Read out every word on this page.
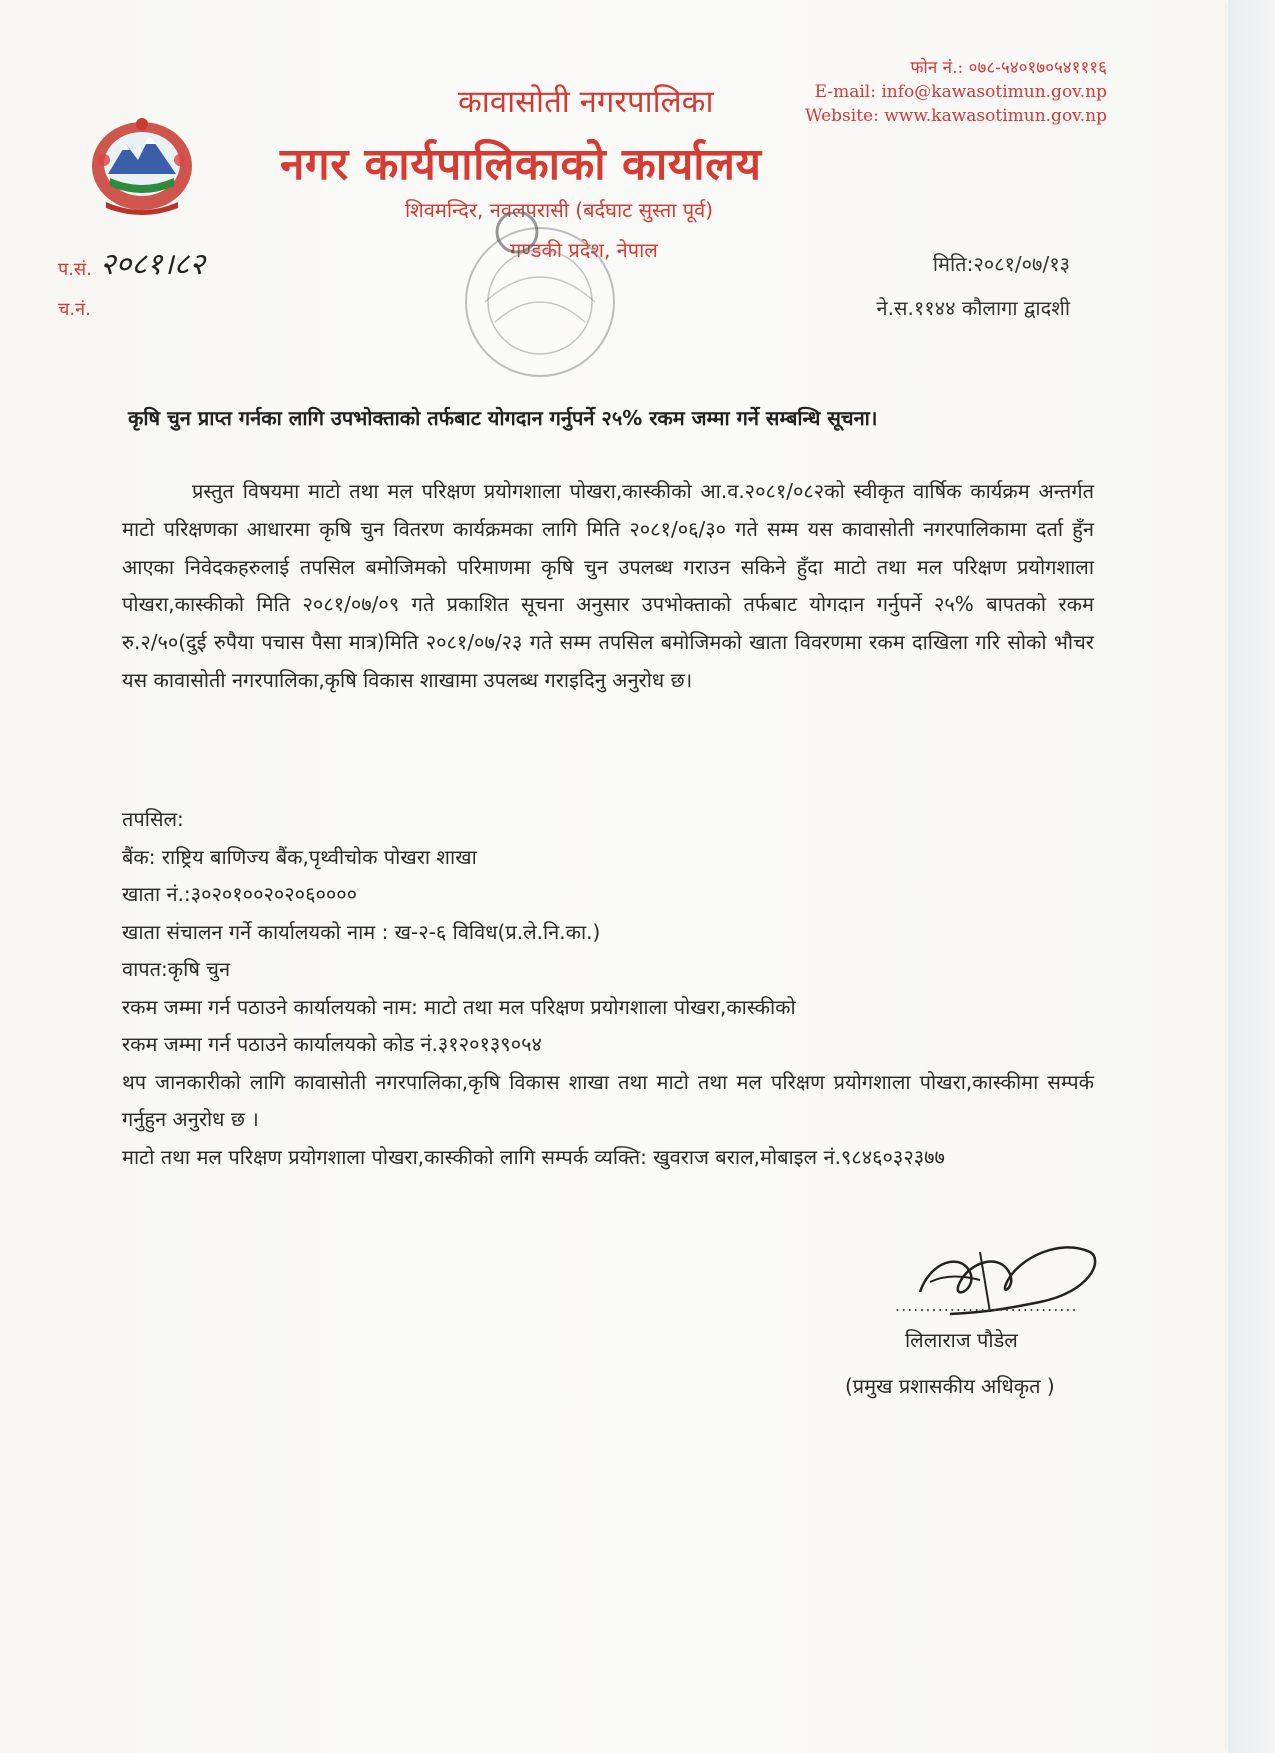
फोन नं.: ०७८-५४०१७०५४१११६
E-mail: info@kawasotimun.gov.np
Website: www.kawasotimun.gov.np
कावासोती नगरपालिका
नगर कार्यपालिकाको कार्यालय
शिवमन्दिर, नवलपरासी (बर्दघाट सुस्ता पूर्व)
गण्डकी प्रदेश, नेपाल
प.सं.
च.नं.
२०८१।८२	मिति:२०८१/०७/१३
ने.स.११४४ कौलागा द्वादशी
कृषि चुन प्राप्त गर्नका लागि उपभोक्ताको तर्फबाट योगदान गर्नुपर्ने २५% रकम जम्मा गर्ने सम्बन्धि सूचना।
प्रस्तुत विषयमा माटो तथा मल परिक्षण प्रयोगशाला पोखरा,कास्कीको आ.व.२०८१/०८२को स्वीकृत वार्षिक कार्यक्रम अन्तर्गत माटो परिक्षणका आधारमा कृषि चुन वितरण कार्यक्रमका लागि मिति २०८१/०६/३० गते सम्म यस कावासोती नगरपालिकामा दर्ता हुँन आएका निवेदकहरुलाई तपसिल बमोजिमको परिमाणमा कृषि चुन उपलब्ध गराउन सकिने हुँदा माटो तथा मल परिक्षण प्रयोगशाला पोखरा,कास्कीको मिति २०८१/०७/०९ गते प्रकाशित सूचना अनुसार उपभोक्ताको तर्फबाट योगदान गर्नुपर्ने २५% बापतको रकम रु.२/५०(दुई रुपैया पचास पैसा मात्र)मिति २०८१/०७/२३ गते सम्म तपसिल बमोजिमको खाता विवरणमा रकम दाखिला गरि सोको भौचर यस कावासोती नगरपालिका,कृषि विकास शाखामा उपलब्ध गराइदिनु अनुरोध छ।
तपसिल:
बैंक: राष्ट्रिय बाणिज्य बैंक,पृथ्वीचोक पोखरा शाखा
खाता नं.:३०२०१००२०२०६००००
खाता संचालन गर्ने कार्यालयको नाम : ख-२-६ विविध(प्र.ले.नि.का.)
वापत:कृषि चुन
रकम जम्मा गर्न पठाउने कार्यालयको नाम: माटो तथा मल परिक्षण प्रयोगशाला पोखरा,कास्कीको
रकम जम्मा गर्न पठाउने कार्यालयको कोड नं.३१२०१३९०५४
थप जानकारीको लागि कावासोती नगरपालिका,कृषि विकास शाखा तथा माटो तथा मल परिक्षण प्रयोगशाला पोखरा,कास्कीमा सम्पर्क गर्नुहुन अनुरोध छ ।
माटो तथा मल परिक्षण प्रयोगशाला पोखरा,कास्कीको लागि सम्पर्क व्यक्ति: खुवराज बराल,मोबाइल नं.९८४६०३२३७७
..............................
लिलाराज पौडेल
(प्रमुख प्रशासकीय अधिकृत )
